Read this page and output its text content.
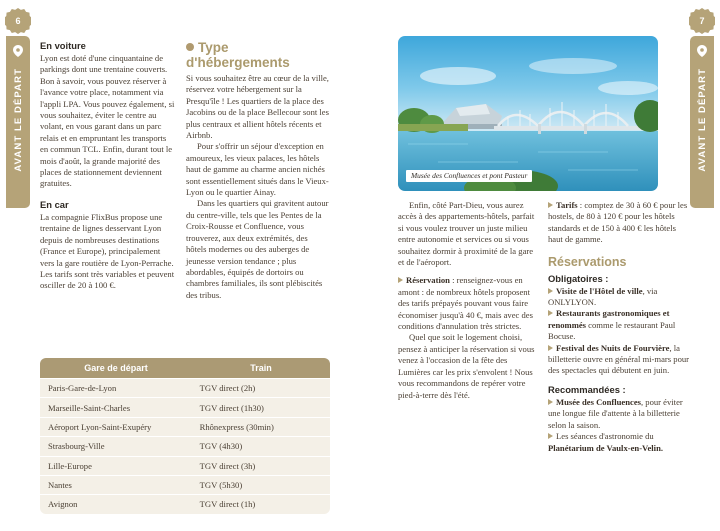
6
AVANT LE DÉPART
En voiture

Lyon est doté d'une cinquantaine de parkings dont une trentaine couverts. Bon à savoir, vous pouvez réserver à l'avance votre place, notamment via l'appli LPA. Vous pouvez également, si vous souhaitez, éviter le centre au volant, en vous garant dans un parc relais et en empruntant les transports en commun TCL. Enfin, durant tout le mois d'août, la grande majorité des places de stationnement deviennent gratuites.

En car

La compagnie FlixBus propose une trentaine de lignes desservant Lyon depuis de nombreuses destinations (France et Europe), principalement vers la gare routière de Lyon-Perrache. Les tarifs sont très variables et peuvent osciller de 20 à 100 €.

Type
d'hébergements

Si vous souhaitez être au cœur de la ville, réservez votre hébergement sur la Presqu'île ! Les quartiers de la place des Jacobins ou de la place Bellecour sont les plus centraux et allient hôtels récents et Airbnb.

Pour s'offrir un séjour d'exception en amoureux, les vieux palaces, les hôtels haut de gamme au charme ancien nichés sont essentiellement situés dans le Vieux-Lyon ou le quartier Ainay.

Dans les quartiers qui gravitent autour du centre-ville, tels que les Pentes de la Croix-Rousse et Confluence, vous trouverez, aux deux extrémités, des hôtels modernes ou des auberges de jeunesse version tendance ; plus abordables, équipés de dortoirs ou chambres familiales, ils sont plébiscités des tribus.

Gare de départ	Train
Paris-Gare-de-Lyon	TGV direct (2h)
Marseille-Saint-Charles	TGV direct (1h30)
Aéroport Lyon-Saint-Exupéry	Rhônexpress (30min)
Strasbourg-Ville	TGV (4h30)
Lille-Europe	TGV direct (3h)
Nantes	TGV (5h30)
Avignon	TGV direct (1h)
7
AVANT LE DÉPART
Musée des Confluences et pont Pasteur

Enfin, côté Part-Dieu, vous aurez accès à des appartements-hôtels, parfait si vous voulez trouver un juste milieu entre autonomie et services ou si vous souhaitez dormir à proximité de la gare et de l'aéroport.

Réservation : renseignez-vous en amont : de nombreux hôtels proposent des tarifs prépayés pouvant vous faire économiser jusqu'à 40 €, mais avec des conditions d'annulation très strictes.

Quel que soit le logement choisi, pensez à anticiper la réservation si vous venez à l'occasion de la fête des Lumières car les prix s'envolent ! Nous vous recommandons de repérer votre pied-à-terre dès l'été.

Tarifs : comptez de 30 à 60 € pour les hostels, de 80 à 120 € pour les hôtels standards et de 150 à 400 € les hôtels haut de gamme.

Réservations
Obligatoires :

Visite de l'Hôtel de ville, via ONLYLYON.

Restaurants gastronomiques et renommés comme le restaurant Paul Bocuse.

Festival des Nuits de Fourvière, la billetterie ouvre en général mi-mars pour des spectacles qui débutent en juin.

Recommandées :

Musée des Confluences, pour éviter une longue file d'attente à la billetterie selon la saison.

Les séances d'astronomie du Planétarium de Vaulx-en-Velin.
